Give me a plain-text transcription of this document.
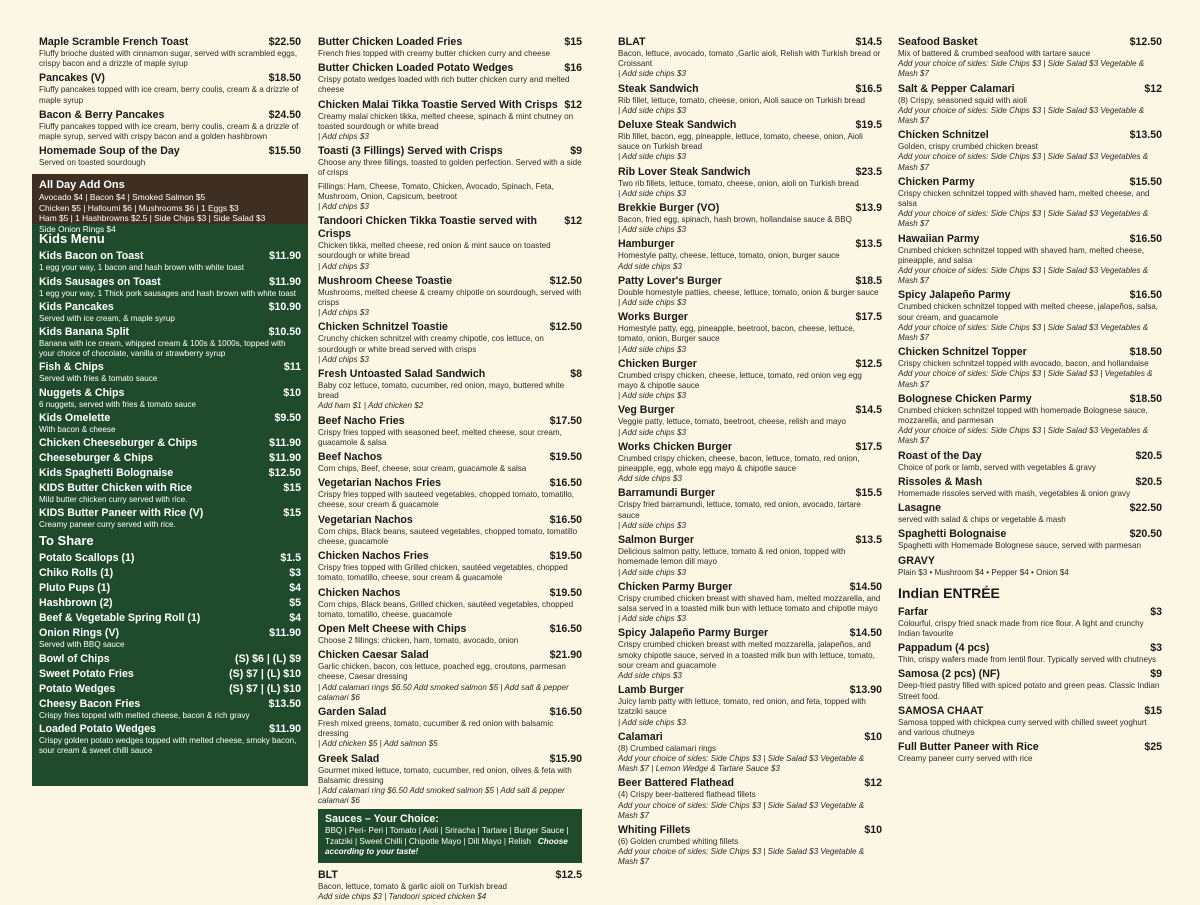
Maple Scramble French Toast	$22.50
Fluffy brioche dusted with cinnamon sugar, served with scrambled eggs, crispy bacon and a drizzle of maple syrup
Pancakes (V)	$18.50
Fluffy pancakes topped with ice cream, berry coulis, cream & a drizzle of maple syrup
Bacon & Berry Pancakes	$24.50
Fluffy pancakes topped with ice cream, berry coulis, cream & a drizzle of maple syrup, served with crispy bacon and a golden hashbrown
Homemade Soup of the Day	$15.50
Served on toasted sourdough
All Day Add Ons
Avocado $4 | Bacon $4 | Smoked Salmon $5
Chicken $5 | Halloumi $6 | Mushrooms $6 | 1 Eggs $3
Ham $5 | 1 Hashbrowns $2.5 | Side Chips $3 | Side Salad $3
Side Onion Rings $4
Kids Menu
Kids Bacon on Toast	$11.90
1 egg your way, 1 bacon and hash brown with white toast
Kids Sausages on Toast	$11.90
1 egg your way, 1 Thick pork sausages and hash brown with white toast
Kids Pancakes	$10.90
Served with ice cream, & maple syrup
Kids Banana Split	$10.50
Banana with ice cream, whipped cream & 100s & 1000s, topped with your choice of chocolate, vanilla or strawberry syrup
Fish & Chips	$11
Served with fries & tomato sauce
Nuggets & Chips	$10
6 nuggets, served with fries & tomato sauce
Kids Omelette	$9.50
With bacon & cheese
Chicken Cheeseburger & Chips	$11.90
Cheeseburger & Chips	$11.90
Kids Spaghetti Bolognaise	$12.50
KIDS Butter Chicken with Rice	$15
Mild butter chicken curry served with rice.
KIDS Butter Paneer with Rice (V)	$15
Creamy paneer curry served with rice.
To Share
Potato Scallops (1)	$1.5
Chiko Rolls (1)	$3
Pluto Pups (1)	$4
Hashbrown (2)	$5
Beef & Vegetable Spring Roll (1)	$4
Onion Rings (V)	$11.90
Served with BBQ sauce
Bowl of Chips	(S) $6 | (L) $9
Sweet Potato Fries	(S) $7 | (L) $10
Potato Wedges	(S) $7 | (L) $10
Cheesy Bacon Fries	$13.50
Crispy fries topped with melted cheese, bacon & rich gravy
Loaded Potato Wedges	$11.90
Crispy golden potato wedges topped with melted cheese, smoky bacon, sour cream & sweet chilli sauce
Butter Chicken Loaded Fries	$15
French fries topped with creamy butter chicken curry and cheese
Butter Chicken Loaded Potato Wedges	$16
Crispy potato wedges loaded with rich butter chicken curry and melted cheese
Chicken Malai Tikka Toastie Served With Crisps $12
Creamy malai chicken tikka, melted cheese, spinach & mint chutney on toasted sourdough or white bread
| Add chips $3
Toasti (3 Fillings) Served with Crisps	$9
Choose any three fillings, toasted to golden perfection. Served with a side of crisps
Fillings: Ham, Cheese, Tomato, Chicken, Avocado, Spinach, Feta, Mushroom, Onion, Capsicum, beetroot
| Add chips $3
Tandoori Chicken Tikka Toastie served with Crisps
$12
Chicken tikka, melted cheese, red onion & mint sauce on toasted sourdough or white bread
| Add chips $3
Mushroom Cheese Toastie	$12.50
Mushrooms, melted cheese & creamy chipotle on sourdough, served with crisps
| Add chips $3
Chicken Schnitzel Toastie	$12.50
Crunchy chicken schnitzel with creamy chipotle, cos lettuce, on sourdough or white bread served with crisps
| Add chips $3
Fresh Untoasted Salad Sandwich	$8
Baby coz lettuce, tomato, cucumber, red onion, mayo, buttered white bread
Add ham $1 | Add chicken $2
Beef Nacho Fries	$17.50
Crispy fries topped with seasoned beef, melted cheese, sour cream, guacamole & salsa
Beef Nachos	$19.50
Corn chips, Beef, cheese, sour cream, guacamole & salsa
Vegetarian Nachos Fries	$16.50
Crispy fries topped with sauteed vegetables, chopped tomato, tomatillo, cheese, sour cream & guacamole
Vegetarian Nachos	$16.50
Corn chips, Black beans, sauteed vegetables, chopped tomato, tomatillo cheese, guacamole
Chicken Nachos Fries	$19.50
Crispy fries topped with Grilled chicken, sautéed vegetables, chopped tomato, tomatillo, cheese, sour cream & guacamole
Chicken Nachos	$19.50
Corn chips, Black beans, Grilled chicken, sautéed vegetables, chopped tomato, tomatillo, cheese, guacamole
Open Melt Cheese with Chips	$16.50
Choose 2 fillings: chicken, ham, tomato, avocado, onion
Chicken Caesar Salad	$21.90
Garlic chicken, bacon, cos lettuce, poached egg, croutons, parmesan cheese, Caesar dressing
| Add calamari rings $6.50 Add smoked salmon $5 | Add salt & pepper calamari $6
Garden Salad	$16.50
Fresh mixed greens, tomato, cucumber & red onion with balsamic dressing
| Add chicken $5 | Add salmon $5
Greek Salad	$15.90
Gourmet mixed lettuce, tomato, cucumber, red onion, olives & feta with Balsamic dressing
| Add calamari ring $6.50 Add smoked salmon $5 | Add salt & pepper calamari $6
Sauces – Your Choice:
BBQ | Peri- Peri | Tomato | Aioli | Sriracha | Tartare | Burger Sauce | Tzatziki | Sweet Chilli | Chipotle Mayo | Dill Mayo | Relish Choose according to your taste!
BLT	$12.5
Bacon, lettuce, tomato & garlic aioli on Turkish bread
Add side chips $3 | Tandoori spiced chicken $4
BLAT	$14.5
Bacon, lettuce, avocado, tomato ,Garlic aioli, Relish with Turkish bread or Croissant
| Add side chips $3
Steak Sandwich	$16.5
Rib fillet, lettuce, tomato, cheese, onion, Aioli sauce on Turkish bread
| Add side chips $3
Deluxe Steak Sandwich	$19.5
Rib fillet, bacon, egg, pineapple, lettuce, tomato, cheese, onion, Aioli sauce on Turkish bread
| Add side chips $3
Rib Lover Steak Sandwich	$23.5
Two rib fillets, lettuce, tomato, cheese, onion, aioli on Turkish bread
| Add side chips $3
Brekkie Burger (VO)	$13.9
Bacon, fried egg, spinach, hash brown, hollandaise sauce & BBQ
| Add side chips $3
Hamburger	$13.5
Homestyle patty, cheese, lettuce, tomato, onion, burger sauce
Add side chips $3
Patty Lover's Burger	$18.5
Double homestyle patties, cheese, lettuce, tomato, onion & burger sauce
| Add side chips $3
Works Burger	$17.5
Homestyle patty, egg, pineapple, beetroot, bacon, cheese, lettuce, tomato, onion, Burger sauce
| Add side chips $3
Chicken Burger	$12.5
Crumbed crispy chicken, cheese, lettuce, tomato, red onion veg egg mayo & chipotle sauce
| Add side chips $3
Veg Burger	$14.5
Veggie patty, lettuce, tomato, beetroot, cheese, relish and mayo
| Add side chips $3
Works Chicken Burger	$17.5
Crumbed crispy chicken, cheese, bacon, lettuce, tomato, red onion, pineapple, egg, whole egg mayo & chipotle sauce
Add side chips $3
Barramundi Burger	$15.5
Crispy fried barramundi, lettuce, tomato, red onion, avocado, tartare sauce
| Add side chips $3
Salmon Burger	$13.5
Delicious salmon patty, lettuce, tomato & red onion, topped with homemade lemon dill mayo
| Add side chips $3
Chicken Parmy Burger	$14.50
Crispy crumbed chicken breast with shaved ham, melted mozzarella, and salsa served in a toasted milk bun with lettuce tomato and chipotle mayo
| Add side chips $3
Spicy Jalapeño Parmy Burger	$14.50
Crispy crumbed chicken breast with melted mozzarella, jalapeños, and smoky chipotle sauce, served in a toasted milk bun with lettuce, tomato, sour cream and guacamole
Add side chips $3
Lamb Burger	$13.90
Juicy lamb patty with lettuce, tomato, red onion, and feta, topped with tzatziki sauce
| Add side chips $3
Calamari	$10
(8) Crumbed calamari rings
Add your choice of sides: Side Chips $3 | Side Salad $3 Vegetable & Mash $7 | Lemon Wedge & Tartare Sauce $3
Beer Battered Flathead	$12
(4) Crispy beer-battered flathead fillets
Add your choice of sides: Side Chips $3 | Side Salad $3 Vegetable & Mash $7
Whiting Fillets	$10
(6) Golden crumbed whiting fillets
Add your choice of sides: Side Chips $3 | Side Salad $3 Vegetable & Mash $7
Seafood Basket	$12.50
Mix of battered & crumbed seafood with tartare sauce
Add your choice of sides: Side Chips $3 | Side Salad $3 Vegetable & Mash $7
Salt & Pepper Calamari	$12
(8) Crispy, seasoned squid with aioli
Add your choice of sides: Side Chips $3 | Side Salad $3 Vegetable & Mash $7
Chicken Schnitzel	$13.50
Golden, crispy crumbed chicken breast
Add your choice of sides: Side Chips $3 | Side Salad $3 Vegetables & Mash $7
Chicken Parmy	$15.50
Crispy chicken schnitzel topped with shaved ham, melted cheese, and salsa
Add your choice of sides: Side Chips $3 | Side Salad $3 Vegetables & Mash $7
Hawaiian Parmy	$16.50
Crumbed chicken schnitzel topped with shaved ham, melted cheese, pineapple, and salsa
Add your choice of sides: Side Chips $3 | Side Salad $3 Vegetables & Mash $7
Spicy Jalapeño Parmy	$16.50
Crumbed chicken schnitzel topped with melted cheese, jalapeños, salsa, sour cream, and guacamole
Add your choice of sides: Side Chips $3 | Side Salad $3 Vegetables & Mash $7
Chicken Schnitzel Topper	$18.50
Crispy chicken schnitzel topped with avocado, bacon, and hollandaise
Add your choice of sides: Side Chips $3 | Side Salad $3 | Vegetables & Mash $7
Bolognese Chicken Parmy	$18.50
Crumbed chicken schnitzel topped with homemade Bolognese sauce, mozzarella, and parmesan
Add your choice of sides: Side Chips $3 | Side Salad $3 Vegetables & Mash $7
Roast of the Day	$20.5
Choice of pork or lamb, served with vegetables & gravy
Rissoles & Mash	$20.5
Homemade rissoles served with mash, vegetables & onion gravy
Lasagne	$22.50
served with salad & chips or vegetable & mash
Spaghetti Bolognaise	$20.50
Spaghetti with Homemade Bolognese sauce, served with parmesan
GRAVY
Plain $3 • Mushroom $4 • Pepper $4 • Onion $4
Indian ENTRÉE
Farfar	$3
Colourful, crispy fried snack made from rice flour. A light and crunchy Indian favourite
Pappadum (4 pcs)	$3
Thin, crispy wafers made from lentil flour. Typically served with chutneys
Samosa (2 pcs) (NF)	$9
Deep-fried pastry filled with spiced potato and green peas. Classic Indian Street food.
SAMOSA CHAAT	$15
Samosa topped with chickpea curry served with chilled sweet yoghurt and various chutneys
Full Butter Paneer with Rice	$25
Creamy paneer curry served with rice
